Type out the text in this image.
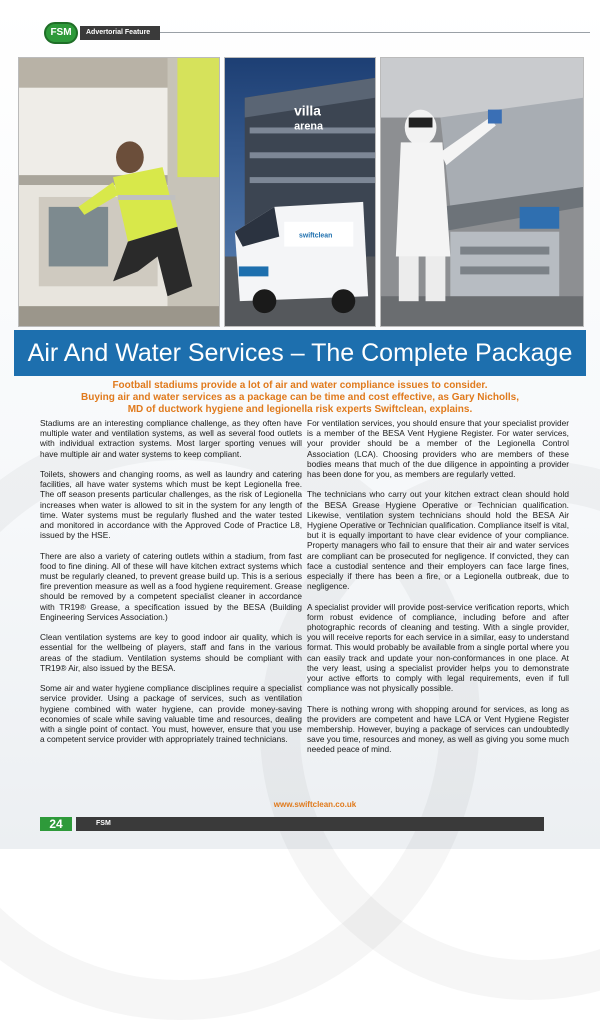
FSM	Advertorial Feature
villa
arena
swiftclean
Air And Water Services – The Complete Package

Football stadiums provide a lot of air and water compliance issues to consider.
Buying air and water services as a package can be time and cost effective, as Gary Nicholls,
MD of ductwork hygiene and legionella risk experts Swiftclean, explains.

Stadiums are an interesting compliance challenge, as they often have multiple water and ventilation systems, as well as several food outlets with individual extraction systems. Most larger sporting venues will have multiple air and water systems to keep compliant.

Toilets, showers and changing rooms, as well as laundry and catering facilities, all have water systems which must be kept Legionella free. The off season presents particular challenges, as the risk of Legionella increases when water is allowed to sit in the system for any length of time. Water systems must be regularly flushed and the water tested and monitored in accordance with the Approved Code of Practice L8, issued by the HSE.

There are also a variety of catering outlets within a stadium, from fast food to fine dining. All of these will have kitchen extract systems which must be regularly cleaned, to prevent grease build up. This is a serious fire prevention measure as well as a food hygiene requirement. Grease should be removed by a competent specialist cleaner in accordance with TR19® Grease, a specification issued by the BESA (Building Engineering Services Association.)

Clean ventilation systems are key to good indoor air quality, which is essential for the wellbeing of players, staff and fans in the various areas of the stadium. Ventilation systems should be compliant with TR19® Air, also issued by the BESA.

Some air and water hygiene compliance disciplines require a specialist service provider. Using a package of services, such as ventilation hygiene combined with water hygiene, can provide money-saving economies of scale while saving valuable time and resources, dealing with a single point of contact. You must, however, ensure that you use a competent service provider with appropriately trained technicians.

For ventilation services, you should ensure that your specialist provider is a member of the BESA Vent Hygiene Register. For water services, your provider should be a member of the Legionella Control Association (LCA). Choosing providers who are members of these bodies means that much of the due diligence in appointing a provider has been done for you, as members are regularly vetted.

The technicians who carry out your kitchen extract clean should hold the BESA Grease Hygiene Operative or Technician qualification. Likewise, ventilation system technicians should hold the BESA Air Hygiene Operative or Technician qualification. Compliance itself is vital, but it is equally important to have clear evidence of your compliance. Property managers who fail to ensure that their air and water services are compliant can be prosecuted for negligence. If convicted, they can face a custodial sentence and their employers can face large fines, especially if there has been a fire, or a Legionella outbreak, due to negligence.

A specialist provider will provide post-service verification reports, which form robust evidence of compliance, including before and after photographic records of cleaning and testing. With a single provider, you will receive reports for each service in a similar, easy to understand format. This would probably be available from a single portal where you can easily track and update your non-conformances in one place. At the very least, using a specialist provider helps you to demonstrate your active efforts to comply with legal requirements, even if full compliance was not physically possible.

There is nothing wrong with shopping around for services, as long as the providers are competent and have LCA or Vent Hygiene Register membership. However, buying a package of services can undoubtedly save you time, resources and money, as well as giving you some much needed peace of mind.

www.swiftclean.co.uk
24	FSM
